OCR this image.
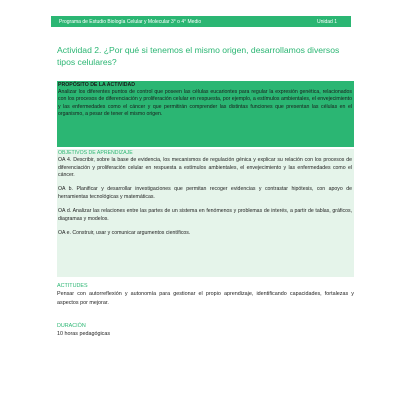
Programa de Estudio Biología Celular y Molecular 3° o 4° Medio	Unidad 1
Actividad 2. ¿Por qué si tenemos el mismo origen, desarrollamos diversos tipos celulares?
PROPÓSITO DE LA ACTIVIDAD
Analizar los diferentes puntos de control que poseen las células eucariontes para regular la expresión genética, relacionados con los procesos de diferenciación y proliferación celular en respuesta, por ejemplo, a estímulos ambientales, el envejecimiento y las enfermedades como el cáncer y que permitirán comprender las distintas funciones que presentan las células en el organismo, a pesar de tener el mismo origen.
OBJETIVOS DE APRENDIZAJE
OA 4. Describir, sobre la base de evidencia, los mecanismos de regulación génica y explicar su relación con los procesos de diferenciación y proliferación celular en respuesta a estímulos ambientales, el envejecimiento y las enfermedades como el cáncer.
OA b. Planificar y desarrollar investigaciones que permitan recoger evidencias y contrastar hipótesis, con apoyo de herramientas tecnológicas y matemáticas.
OA d. Analizar las relaciones entre las partes de un sistema en fenómenos y problemas de interés, a partir de tablas, gráficos, diagramas y modelos.
OA e. Construir, usar y comunicar argumentos científicos.
ACTITUDES
Pensar con autorreflexión y autonomía para gestionar el propio aprendizaje, identificando capacidades, fortalezas y aspectos por mejorar.
DURACIÓN
10 horas pedagógicas
